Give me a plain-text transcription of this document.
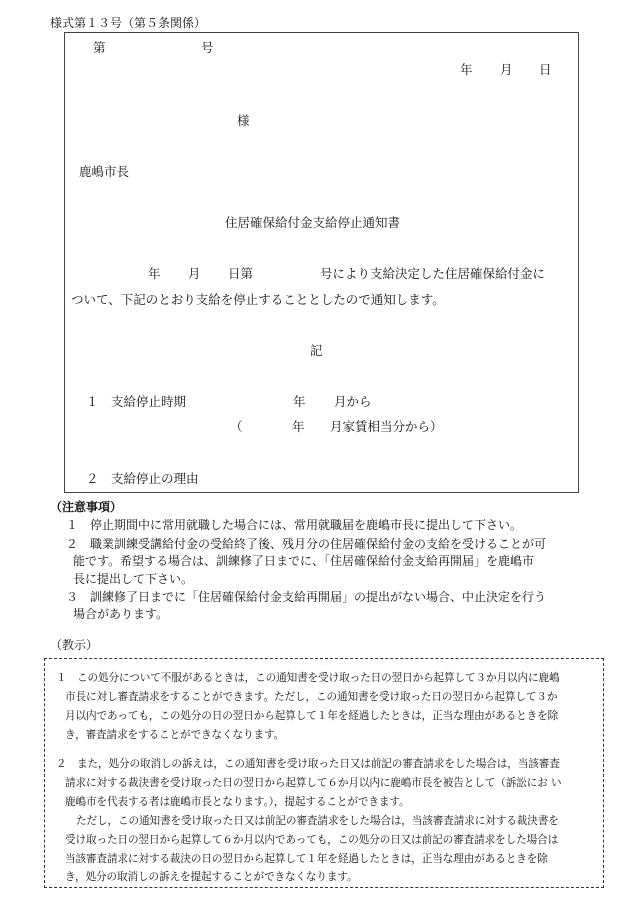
様式第１３号（第５条関係）
第	号
年 月 日
様
鹿嶋市長
住居確保給付金支給停止通知書
年 月 日第	号により支給決定した住居確保給付金に
ついて、下記のとおり支給を停止することとしたので通知します。
記
１　支給停止時期	年 月から
（	年 月家賃相当分から）
２　支給停止の理由
（注意事項）
１　停止期間中に常用就職した場合には、常用就職届を鹿嶋市長に提出して下さい。
２　職業訓練受講給付金の受給終了後、残月分の住居確保給付金の支給を受けることが可
能です。希望する場合は、訓練修了日までに、「住居確保給付金支給再開届」を鹿嶋市
長に提出して下さい。
３　訓練修了日までに「住居確保給付金支給再開届」の提出がない場合、中止決定を行う
場合があります。
（教示）
１　この処分について不服があるときは，この通知書を受け取った日の翌日から起算して３か月以内に鹿嶋
市長に対し審査請求をすることができます。ただし，この通知書を受け取った日の翌日から起算して３か
月以内であっても，この処分の日の翌日から起算して１年を経過したときは，正当な理由があるときを除
き，審査請求をすることができなくなります。
２　また，処分の取消しの訴えは，この通知書を受け取った日又は前記の審査請求をした場合は，当該審査
請求に対する裁決書を受け取った日の翌日から起算して６か月以内に鹿嶋市長を被告として（訴訟にお い
鹿嶋市を代表する者は鹿嶋市長となります。），提起することができます。
ただし，この通知書を受け取った日又は前記の審査請求をした場合は，当該審査請求に対する裁決書を
受け取った日の翌日から起算して６か月以内であっても，この処分の日又は前記の審査請求をした場合は
当該審査請求に対する裁決の日の翌日から起算して１年を経過したときは，正当な理由があるときを除
き，処分の取消しの訴えを提起することができなくなります。
